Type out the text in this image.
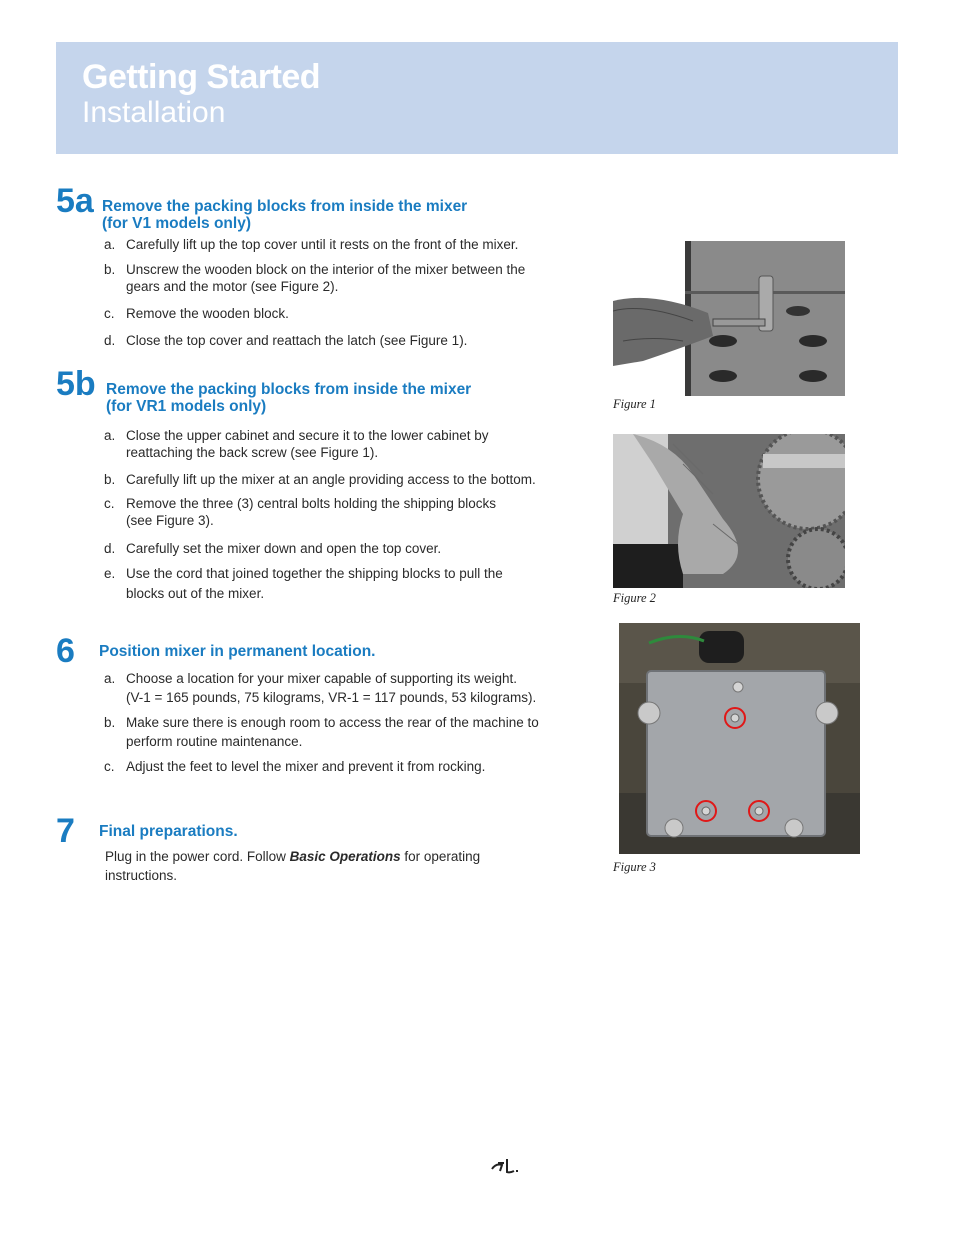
Getting Started
Installation
5a Remove the packing blocks from inside the mixer
(for V1 models only)
a. Carefully lift up the top cover until it rests on the front of the mixer.
b. Unscrew the wooden block on the interior of the mixer between the
gears and the motor (see Figure 2).
c. Remove the wooden block.
d. Close the top cover and reattach the latch (see Figure 1).
5b Remove the packing blocks from inside the mixer
(for VR1 models only)
a. Close the upper cabinet and secure it to the lower cabinet by
reattaching the back screw (see Figure 1).
b. Carefully lift up the mixer at an angle providing access to the bottom.
c. Remove the three (3) central bolts holding the shipping blocks
(see Figure 3).
d. Carefully set the mixer down and open the top cover.
e. Use the cord that joined together the shipping blocks to pull the
blocks out of the mixer.
6 Position mixer in permanent location.
a. Choose a location for your mixer capable of supporting its weight.
(V-1 = 165 pounds, 75 kilograms, VR-1 = 117 pounds, 53 kilograms).
b. Make sure there is enough room to access the rear of the machine to
perform routine maintenance.
c. Adjust the feet to level the mixer and prevent it from rocking.
7 Final preparations.
Plug in the power cord. Follow Basic Operations for operating
instructions.
Figure 1
Figure 2
Figure 3
